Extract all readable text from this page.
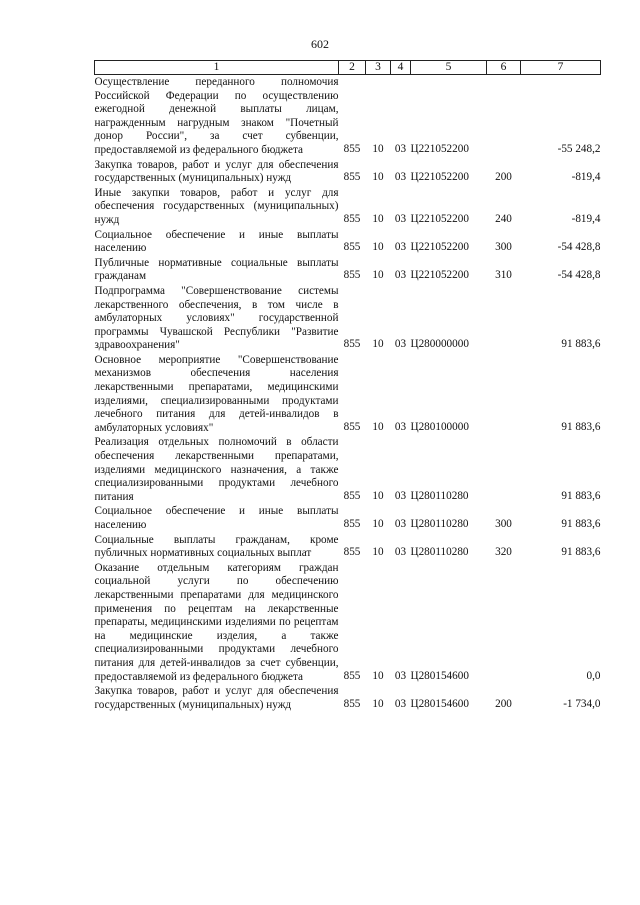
602
1	2	3	4	5	6	7
Осуществление переданного полномочия Российской Федерации по осуществлению ежегодной денежной выплаты лицам, награжденным нагрудным знаком "Почетный донор России", за счет субвенции, предоставляемой из федерального бюджета	855	10	03	Ц221052200		-55 248,2
Закупка товаров, работ и услуг для обеспечения государственных (муниципальных) нужд	855	10	03	Ц221052200	200	-819,4
Иные закупки товаров, работ и услуг для обеспечения государственных (муниципальных) нужд	855	10	03	Ц221052200	240	-819,4
Социальное обеспечение и иные выплаты населению	855	10	03	Ц221052200	300	-54 428,8
Публичные нормативные социальные выплаты гражданам	855	10	03	Ц221052200	310	-54 428,8
Подпрограмма "Совершенствование системы лекарственного обеспечения, в том числе в амбулаторных условиях" государственной программы Чувашской Республики "Развитие здравоохранения"	855	10	03	Ц280000000		91 883,6
Основное мероприятие "Совершенствование механизмов обеспечения населения лекарственными препаратами, медицинскими изделиями, специализированными продуктами лечебного питания для детей-инвалидов в амбулаторных условиях"	855	10	03	Ц280100000		91 883,6
Реализация отдельных полномочий в области обеспечения лекарственными препаратами, изделиями медицинского назначения, а также специализированными продуктами лечебного питания	855	10	03	Ц280110280		91 883,6
Социальное обеспечение и иные выплаты населению	855	10	03	Ц280110280	300	91 883,6
Социальные выплаты гражданам, кроме публичных нормативных социальных выплат	855	10	03	Ц280110280	320	91 883,6
Оказание отдельным категориям граждан социальной услуги по обеспечению лекарственными препаратами для медицинского применения по рецептам на лекарственные препараты, медицинскими изделиями по рецептам на медицинские изделия, а также специализированными продуктами лечебного питания для детей-инвалидов за счет субвенции, предоставляемой из федерального бюджета	855	10	03	Ц280154600		0,0
Закупка товаров, работ и услуг для обеспечения государственных (муниципальных) нужд	855	10	03	Ц280154600	200	-1 734,0
